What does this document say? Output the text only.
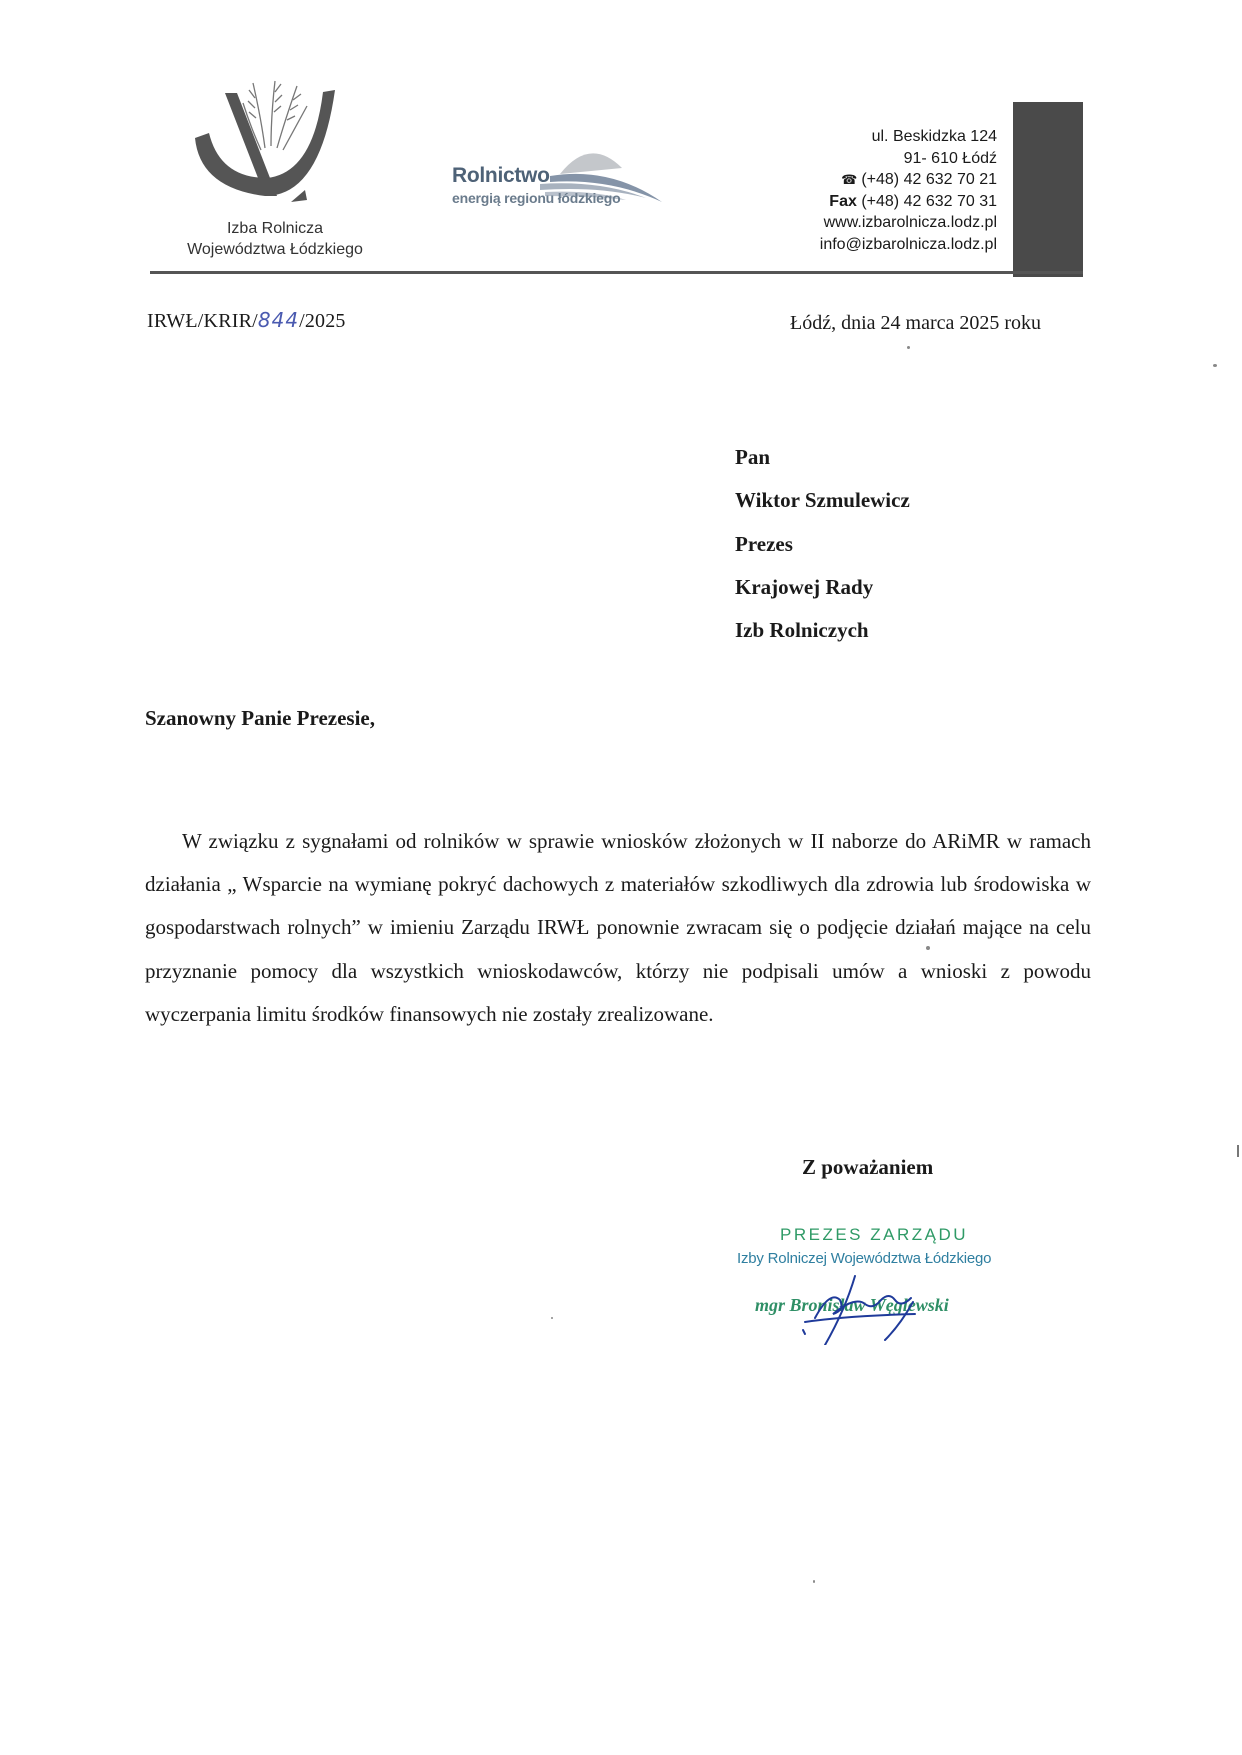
Izba Rolnicza
Województwa Łódzkiego
Rolnictwo
energią regionu łódzkiego
ul. Beskidzka 124
91- 610 Łódź
☎ (+48) 42 632 70 21
Fax (+48) 42 632 70 31
www.izbarolnicza.lodz.pl
info@izbarolnicza.lodz.pl
IRWŁ/KRIR/844/2025	Łódź, dnia 24 marca 2025 roku
Pan
Wiktor Szmulewicz
Prezes
Krajowej Rady
Izb Rolniczych
Szanowny Panie Prezesie,
W związku z sygnałami od rolników w sprawie wniosków złożonych w II naborze do ARiMR w ramach działania „ Wsparcie na wymianę pokryć dachowych z materiałów szkodliwych dla zdrowia lub środowiska w gospodarstwach rolnych” w imieniu Zarządu IRWŁ ponownie zwracam się o podjęcie działań mające na celu przyznanie pomocy dla wszystkich wnioskodawców, którzy nie podpisali umów a wnioski z powodu wyczerpania limitu środków finansowych nie zostały zrealizowane.
Z poważaniem
PREZES ZARZĄDU
Izby Rolniczej Województwa Łódzkiego
mgr Bronisław Węglewski
